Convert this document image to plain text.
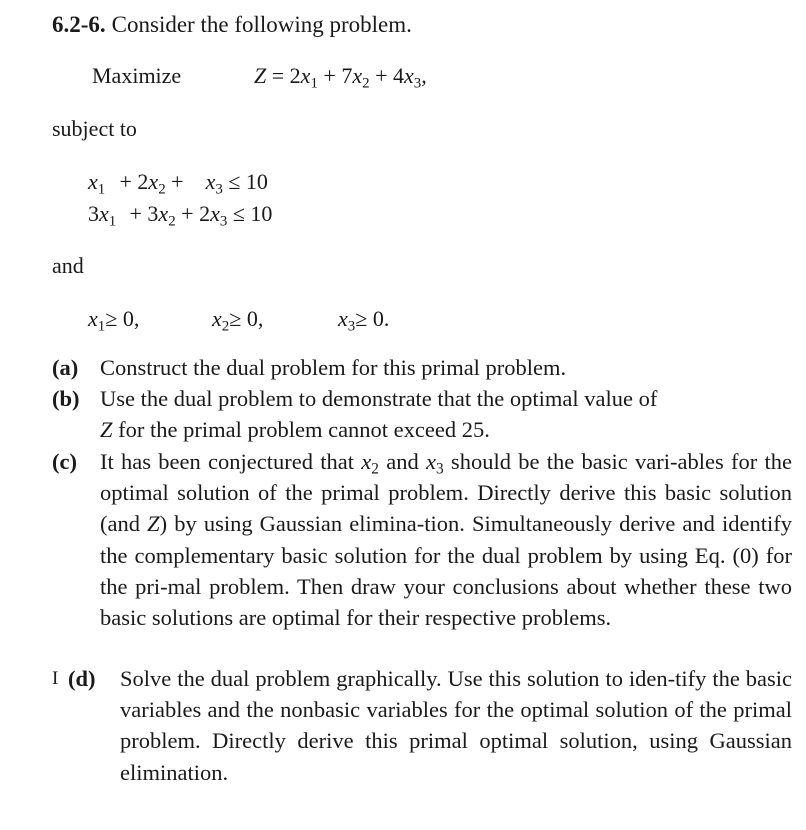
6.2-6. Consider the following problem.
Maximize	$Z = 2x_1 + 7x_2 + 4x_3$,
subject to
$x_1 + 2x_2$ +    $x_3 \le 10$
$3x_1 + 3x_2 + 2x_3 \le 10$
and
$x_1\ge 0$,	$x_2\ge 0$,	$x_3\ge 0$.
(a) Construct the dual problem for this primal problem.
(b) Use the dual problem to demonstrate that the optimal value of
Z for the primal problem cannot exceed 25.
(c) It has been conjectured that $x_2$ and $x_3$ should be the basic vari-ables for the optimal solution of the primal problem. Directly derive this basic solution (and Z) by using Gaussian elimina-tion. Simultaneously derive and identify the complementary basic solution for the dual problem by using Eq. (0) for the pri-mal problem. Then draw your conclusions about whether these two basic solutions are optimal for their respective problems.
I (d) Solve the dual problem graphically. Use this solution to iden-tify the basic variables and the nonbasic variables for the optimal solution of the primal problem. Directly derive this primal optimal solution, using Gaussian elimination.
